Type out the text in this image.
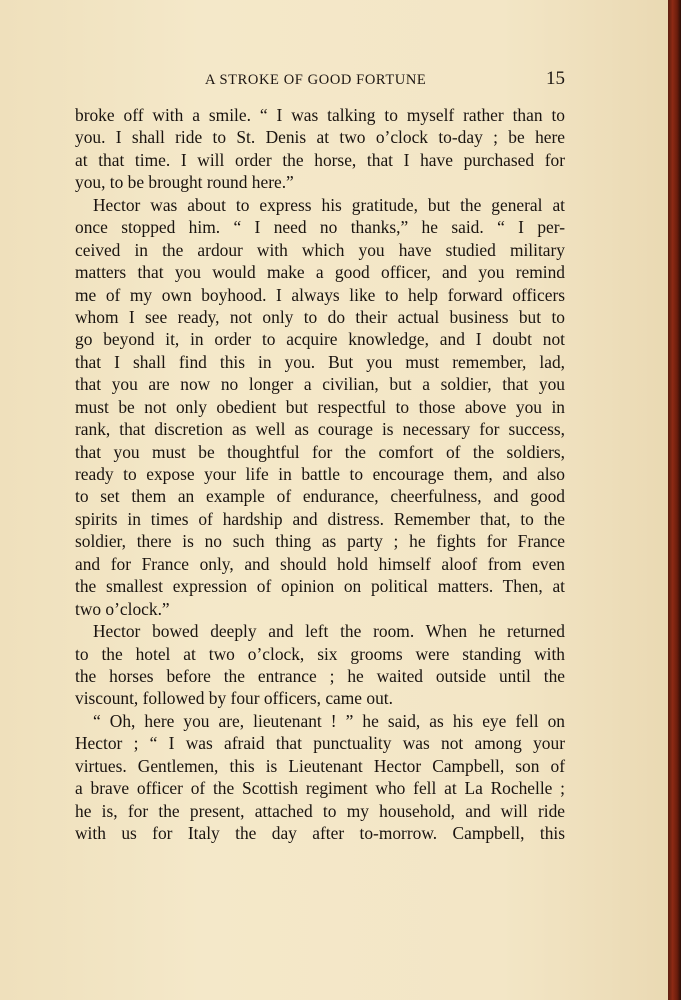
A STROKE OF GOOD FORTUNE	15
broke off with a smile. “ I was talking to myself rather than to
you. I shall ride to St. Denis at two o’clock to-day ; be here
at that time. I will order the horse, that I have purchased for
you, to be brought round here.”
Hector was about to express his gratitude, but the general at
once stopped him. “ I need no thanks,” he said. “ I per-
ceived in the ardour with which you have studied military
matters that you would make a good officer, and you remind
me of my own boyhood. I always like to help forward officers
whom I see ready, not only to do their actual business but to
go beyond it, in order to acquire knowledge, and I doubt not
that I shall find this in you. But you must remember, lad,
that you are now no longer a civilian, but a soldier, that you
must be not only obedient but respectful to those above you in
rank, that discretion as well as courage is necessary for success,
that you must be thoughtful for the comfort of the soldiers,
ready to expose your life in battle to encourage them, and also
to set them an example of endurance, cheerfulness, and good
spirits in times of hardship and distress. Remember that, to the
soldier, there is no such thing as party ; he fights for France
and for France only, and should hold himself aloof from even
the smallest expression of opinion on political matters. Then, at
two o’clock.”
Hector bowed deeply and left the room. When he returned
to the hotel at two o’clock, six grooms were standing with
the horses before the entrance ; he waited outside until the
viscount, followed by four officers, came out.
“ Oh, here you are, lieutenant ! ” he said, as his eye fell on
Hector ; “ I was afraid that punctuality was not among your
virtues. Gentlemen, this is Lieutenant Hector Campbell, son of
a brave officer of the Scottish regiment who fell at La Rochelle ;
he is, for the present, attached to my household, and will ride
with us for Italy the day after to-morrow. Campbell, this
